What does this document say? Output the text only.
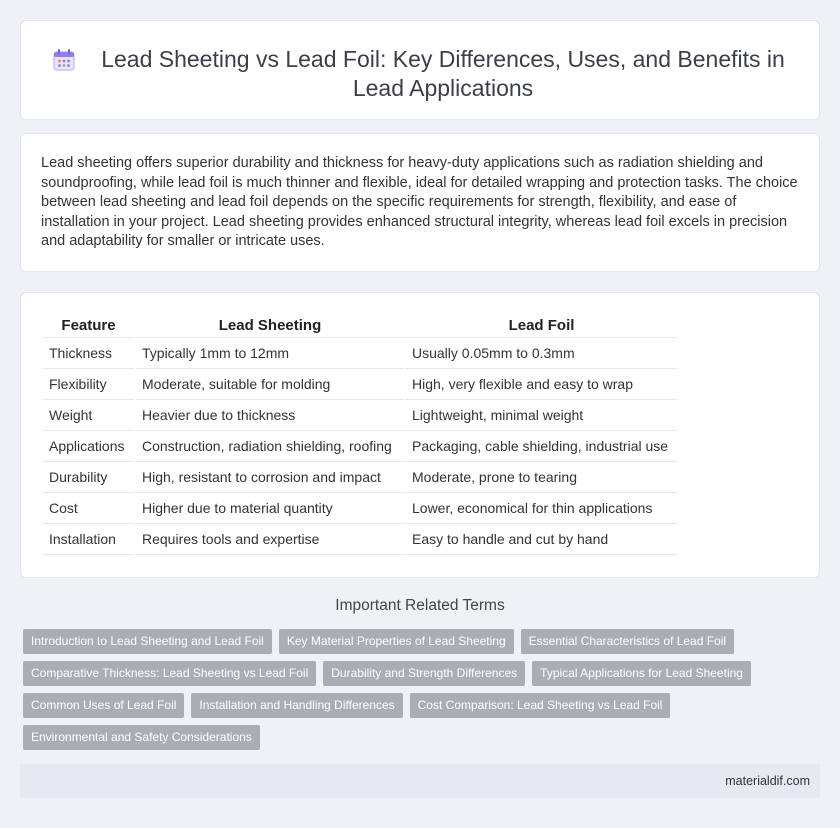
Lead Sheeting vs Lead Foil: Key Differences, Uses, and Benefits in Lead Applications

Lead sheeting offers superior durability and thickness for heavy-duty applications such as radiation shielding and soundproofing, while lead foil is much thinner and flexible, ideal for detailed wrapping and protection tasks. The choice between lead sheeting and lead foil depends on the specific requirements for strength, flexibility, and ease of installation in your project. Lead sheeting provides enhanced structural integrity, whereas lead foil excels in precision and adaptability for smaller or intricate uses.

Feature	Lead Sheeting	Lead Foil
Thickness	Typically 1mm to 12mm	Usually 0.05mm to 0.3mm
Flexibility	Moderate, suitable for molding	High, very flexible and easy to wrap
Weight	Heavier due to thickness	Lightweight, minimal weight
Applications	Construction, radiation shielding, roofing	Packaging, cable shielding, industrial use
Durability	High, resistant to corrosion and impact	Moderate, prone to tearing
Cost	Higher due to material quantity	Lower, economical for thin applications
Installation	Requires tools and expertise	Easy to handle and cut by hand
Important Related Terms
Introduction to Lead Sheeting and Lead Foil	Key Material Properties of Lead Sheeting	Essential Characteristics of Lead Foil
Comparative Thickness: Lead Sheeting vs Lead Foil	Durability and Strength Differences	Typical Applications for Lead Sheeting
Common Uses of Lead Foil	Installation and Handling Differences	Cost Comparison: Lead Sheeting vs Lead Foil
Environmental and Safety Considerations
materialdif.com
